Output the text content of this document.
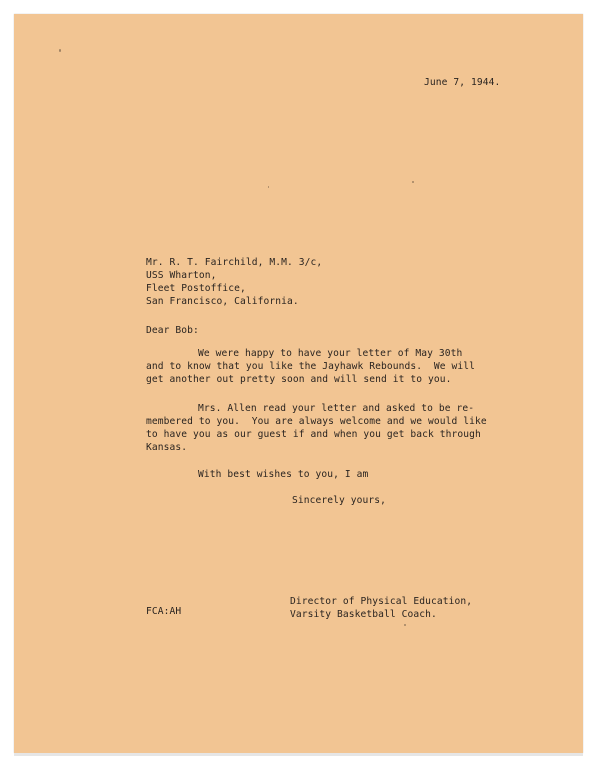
June 7, 1944.
Mr. R. T. Fairchild, M.M. 3/c,
USS Wharton,
Fleet Postoffice,
San Francisco, California.
Dear Bob:
We were happy to have your letter of May 30th
and to know that you like the Jayhawk Rebounds.  We will
get another out pretty soon and will send it to you.
Mrs. Allen read your letter and asked to be re-
membered to you.  You are always welcome and we would like
to have you as our guest if and when you get back through
Kansas.
With best wishes to you, I am
Sincerely yours,
Director of Physical Education,
Varsity Basketball Coach.
FCA:AH
